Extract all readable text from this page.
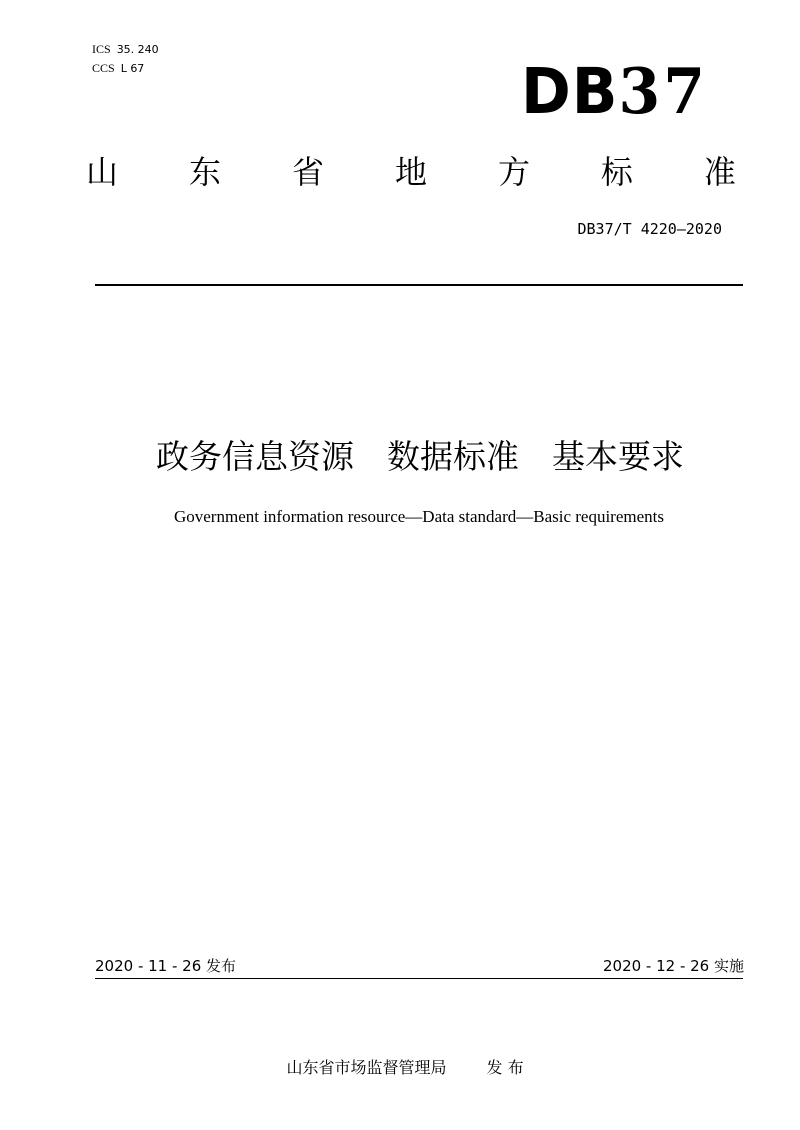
ICS 35. 240
CCS L 67	DB37
山 东 省 地 方 标 准
DB37/T 4220—2020
政务信息资源　数据标准　基本要求
Government information resource—Data standard—Basic requirements
2020 - 11 - 26 发布	2020 - 12 - 26 实施

山东省市场监督管理局	发 布
